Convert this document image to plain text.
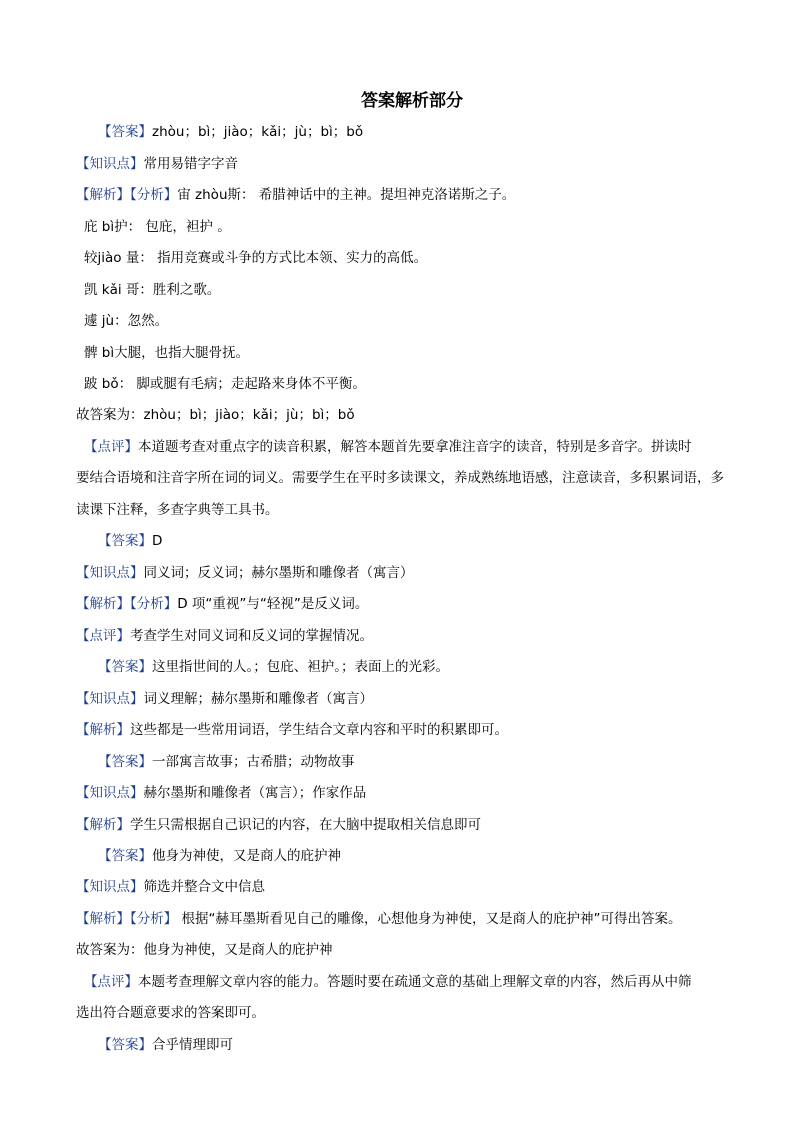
答案解析部分
【答案】zhòu；bì；jiào；kǎi；jù；bì；bǒ
【知识点】常用易错字字音
【解析】【分析】宙 zhòu斯： 希腊神话中的主神。提坦神克洛诺斯之子。
庇 bì护： 包庇，袒护 。
较jiào 量： 指用竞赛或斗争的方式比本领、实力的高低。
凯 kǎi 哥：胜利之歌。
遽 jù：忽然。
髀 bì大腿，也指大腿骨抚。
跛 bǒ： 脚或腿有毛病；走起路来身体不平衡。
故答案为：zhòu；bì；jiào；kǎi；jù；bì；bǒ
【点评】本道题考查对重点字的读音积累，解答本题首先要拿准注音字的读音，特别是多音字。拼读时
要结合语境和注音字所在词的词义。需要学生在平时多读课文，养成熟练地语感，注意读音，多积累词语，多
读课下注释，多查字典等工具书。
【答案】D
【知识点】同义词；反义词；赫尔墨斯和雕像者（寓言）
【解析】【分析】D 项“重视”与“轻视”是反义词。
【点评】考查学生对同义词和反义词的掌握情况。
【答案】这里指世间的人。；包庇、袒护。；表面上的光彩。
【知识点】词义理解；赫尔墨斯和雕像者（寓言）
【解析】这些都是一些常用词语，学生结合文章内容和平时的积累即可。
【答案】一部寓言故事；古希腊；动物故事
【知识点】赫尔墨斯和雕像者（寓言）；作家作品
【解析】学生只需根据自己识记的内容，在大脑中提取相关信息即可
【答案】他身为神使，又是商人的庇护神
【知识点】筛选并整合文中信息
【解析】【分析】 根据“赫耳墨斯看见自己的雕像，心想他身为神使，又是商人的庇护神”可得出答案。
故答案为：他身为神使，又是商人的庇护神
【点评】本题考查理解文章内容的能力。答题时要在疏通文意的基础上理解文章的内容，然后再从中筛
选出符合题意要求的答案即可。
【答案】合乎情理即可
